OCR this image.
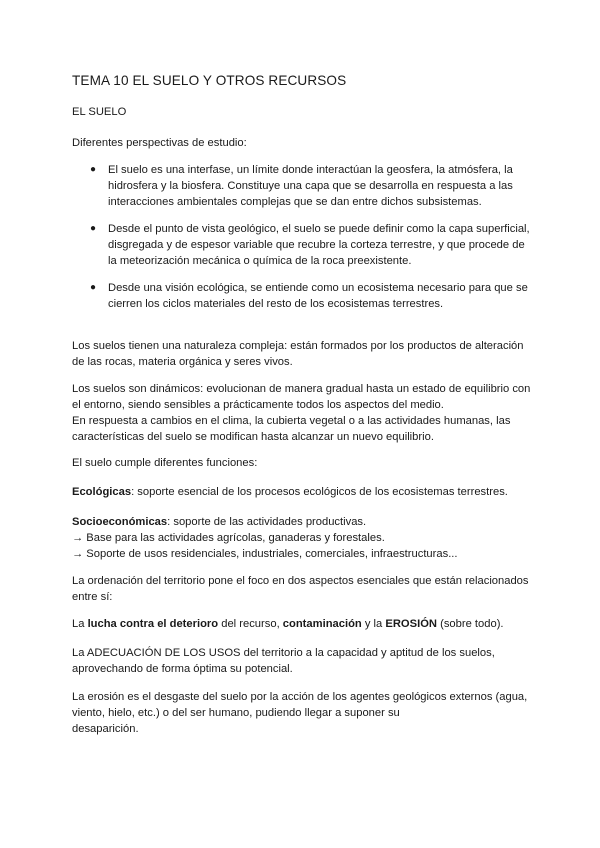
TEMA 10 EL SUELO Y OTROS RECURSOS
EL SUELO
Diferentes perspectivas de estudio:
● El suelo es una interfase, un límite donde interactúan la geosfera, la atmósfera, la
hidrosfera y la biosfera. Constituye una capa que se desarrolla en respuesta a las
interacciones ambientales complejas que se dan entre dichos subsistemas.
● Desde el punto de vista geológico, el suelo se puede definir como la capa superficial,
disgregada y de espesor variable que recubre la corteza terrestre, y que procede de
la meteorización mecánica o química de la roca preexistente.
● Desde una visión ecológica, se entiende como un ecosistema necesario para que se
cierren los ciclos materiales del resto de los ecosistemas terrestres.
Los suelos tienen una naturaleza compleja: están formados por los productos de alteración
de las rocas, materia orgánica y seres vivos.
Los suelos son dinámicos: evolucionan de manera gradual hasta un estado de equilibrio con
el entorno, siendo sensibles a prácticamente todos los aspectos del medio.
En respuesta a cambios en el clima, la cubierta vegetal o a las actividades humanas, las
características del suelo se modifican hasta alcanzar un nuevo equilibrio.
El suelo cumple diferentes funciones:
Ecológicas: soporte esencial de los procesos ecológicos de los ecosistemas terrestres.
Socioeconómicas: soporte de las actividades productivas.
→ Base para las actividades agrícolas, ganaderas y forestales.
→ Soporte de usos residenciales, industriales, comerciales, infraestructuras...
La ordenación del territorio pone el foco en dos aspectos esenciales que están relacionados
entre sí:
La lucha contra el deterioro del recurso, contaminación y la EROSIÓN (sobre todo).
La ADECUACIÓN DE LOS USOS del territorio a la capacidad y aptitud de los suelos,
aprovechando de forma óptima su potencial.
La erosión es el desgaste del suelo por la acción de los agentes geológicos externos (agua,
viento, hielo, etc.) o del ser humano, pudiendo llegar a suponer su
desaparición.
